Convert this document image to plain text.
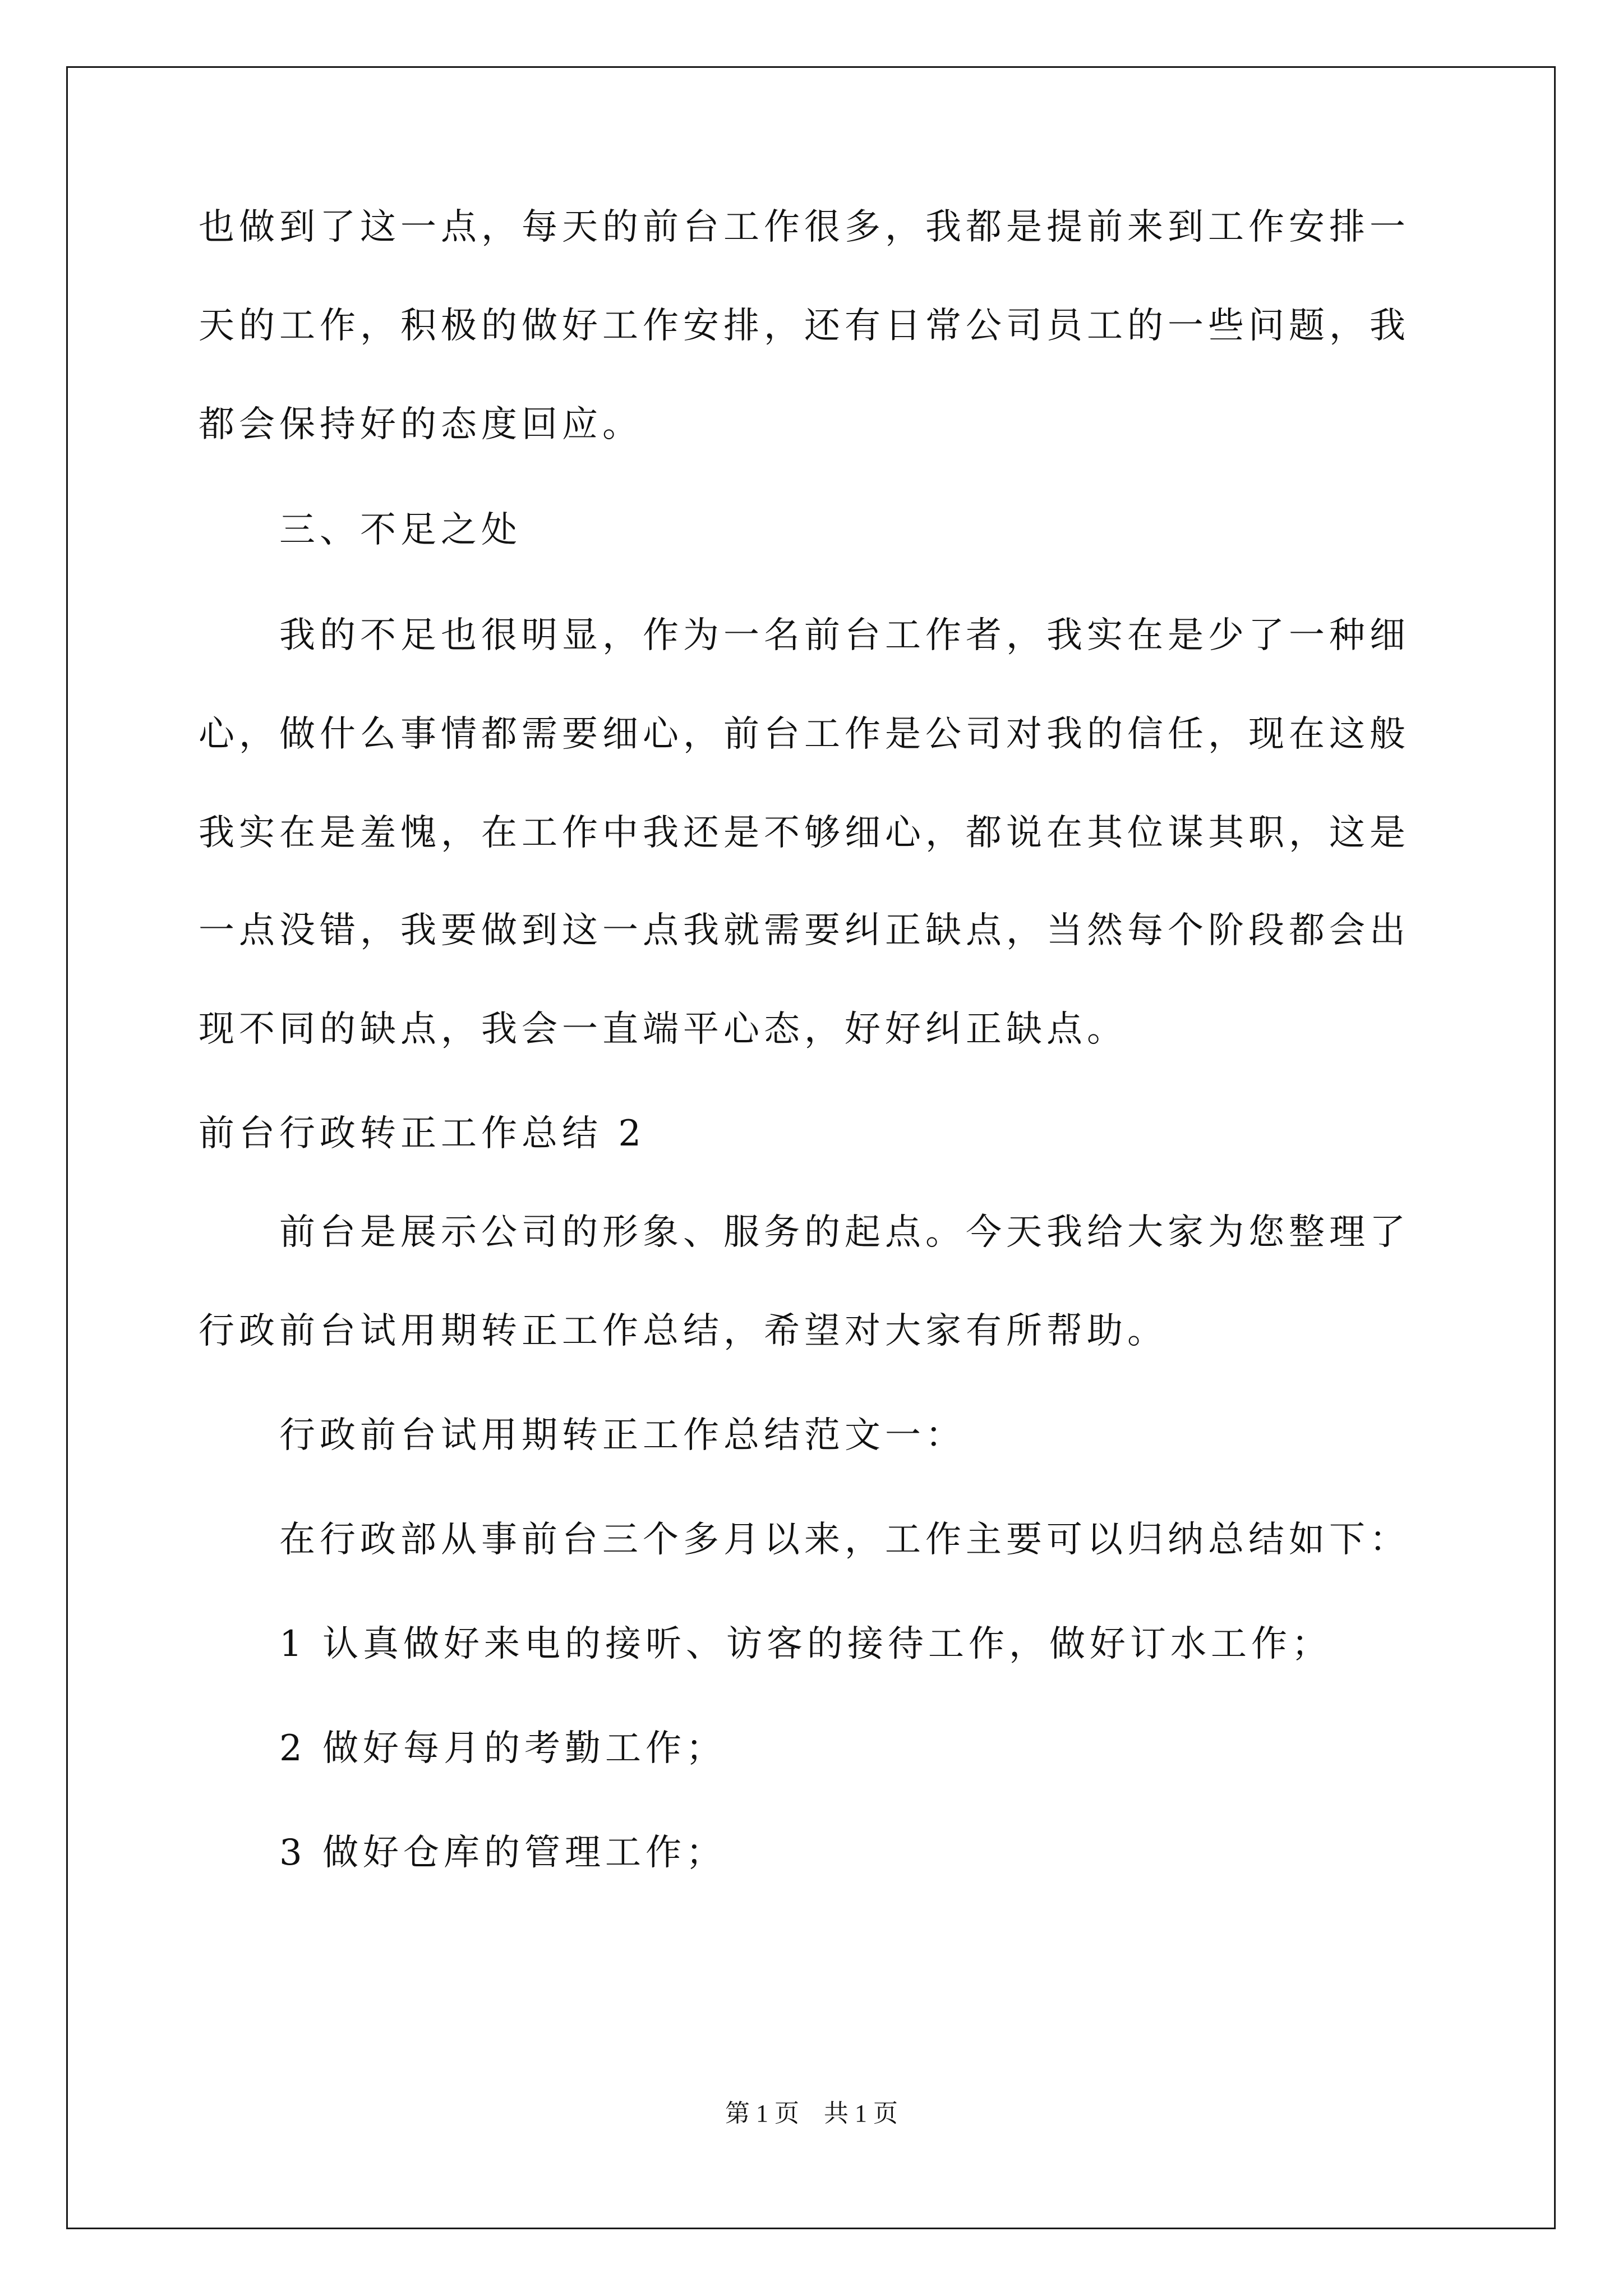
也做到了这一点，每天的前台工作很多，我都是提前来到工作安排一
天的工作，积极的做好工作安排，还有日常公司员工的一些问题，我
都会保持好的态度回应。
三、不足之处
我的不足也很明显，作为一名前台工作者，我实在是少了一种细
心，做什么事情都需要细心，前台工作是公司对我的信任，现在这般
我实在是羞愧，在工作中我还是不够细心，都说在其位谋其职，这是
一点没错，我要做到这一点我就需要纠正缺点，当然每个阶段都会出
现不同的缺点，我会一直端平心态，好好纠正缺点。
前台行政转正工作总结 2
前台是展示公司的形象、服务的起点。今天我给大家为您整理了
行政前台试用期转正工作总结，希望对大家有所帮助。
行政前台试用期转正工作总结范文一：
在行政部从事前台三个多月以来，工作主要可以归纳总结如下：
1 认真做好来电的接听、访客的接待工作，做好订水工作；
2 做好每月的考勤工作；
3 做好仓库的管理工作；
第 1 页    共 1 页
